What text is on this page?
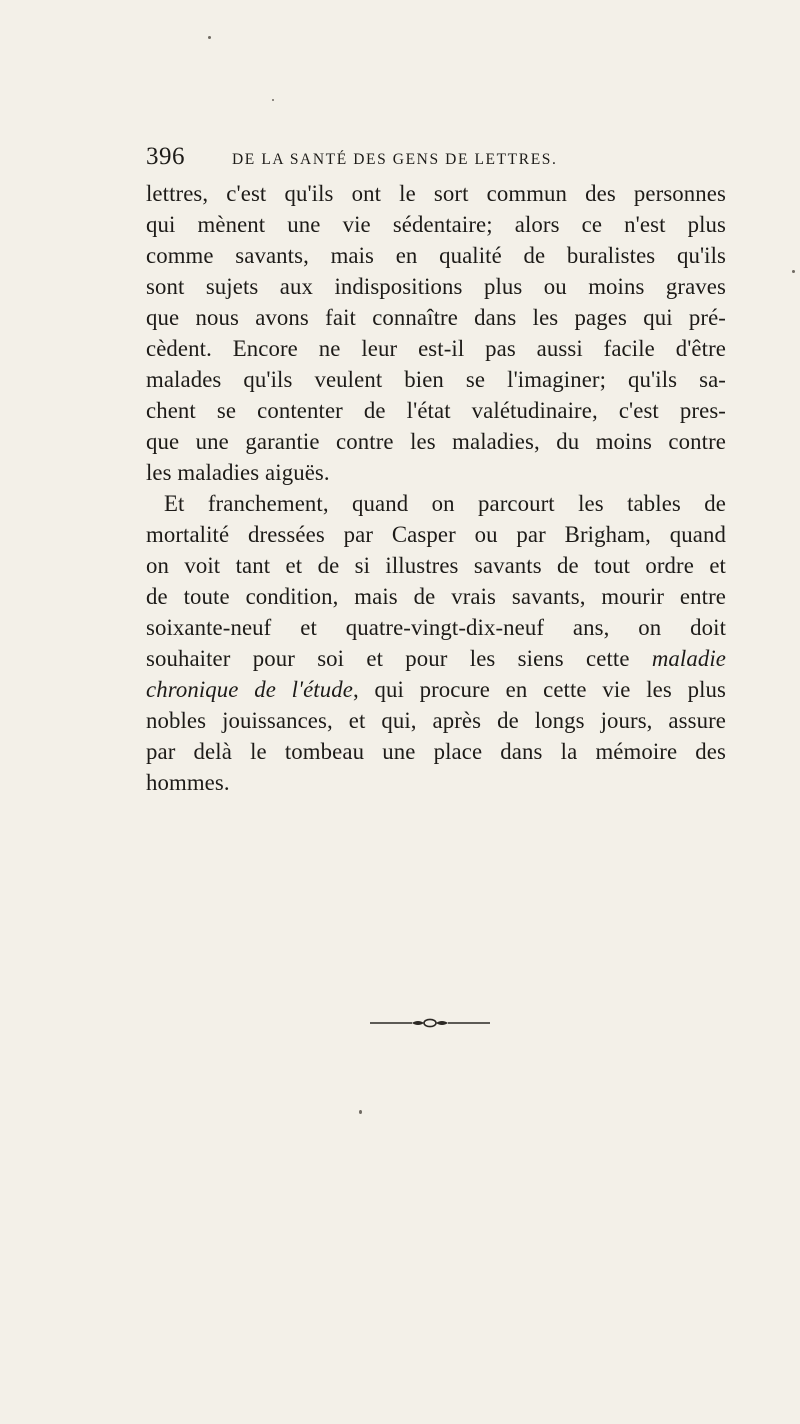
396	DE LA SANTÉ DES GENS DE LETTRES.
lettres, c'est qu'ils ont le sort commun des personnes
qui mènent une vie sédentaire; alors ce n'est plus
comme savants, mais en qualité de buralistes qu'ils
sont sujets aux indispositions plus ou moins graves
que nous avons fait connaître dans les pages qui pré-
cèdent. Encore ne leur est-il pas aussi facile d'être
malades qu'ils veulent bien se l'imaginer; qu'ils sa-
chent se contenter de l'état valétudinaire, c'est pres-
que une garantie contre les maladies, du moins contre
les maladies aiguës.
Et franchement, quand on parcourt les tables de
mortalité dressées par Casper ou par Brigham, quand
on voit tant et de si illustres savants de tout ordre et
de toute condition, mais de vrais savants, mourir entre
soixante-neuf et quatre-vingt-dix-neuf ans, on doit
souhaiter pour soi et pour les siens cette maladie
chronique de l'étude, qui procure en cette vie les plus
nobles jouissances, et qui, après de longs jours, assure
par delà le tombeau une place dans la mémoire des
hommes.
